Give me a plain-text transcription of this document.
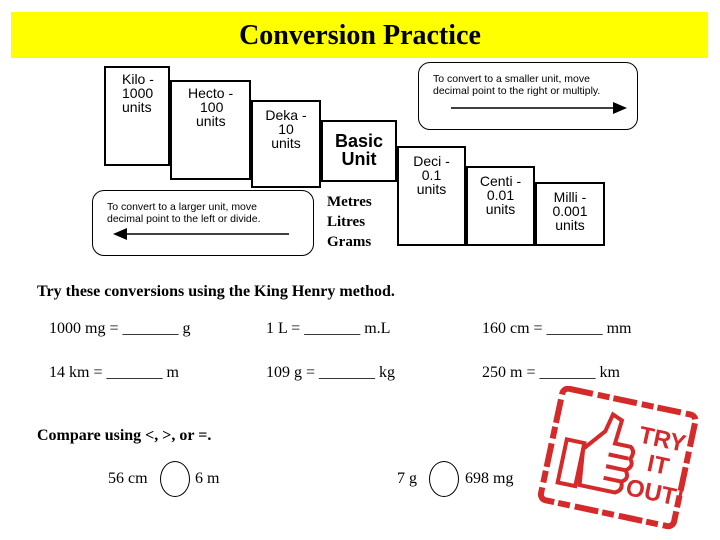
Conversion Practice
Kilo -
1000
units
Hecto -
100
units	Deka -
10
units	Basic
Unit	Deci -
0.1
units	Centi -
0.01
units
Milli -
0.001
units
Metres
Litres
Grams
To convert to a smaller unit, move
decimal point to the right or multiply.
To convert to a larger unit, move
decimal point to the left or divide.
Try these conversions using the King Henry method.
1000 mg = _______ g	1 L = _______ m.L	160 cm = _______ mm
14 km = _______ m	109 g = _______ kg	250 m = _______ km
Compare using <, >, or =.
56 cm	6 m	7 g	698 mg
TRY
IT
OUT!
